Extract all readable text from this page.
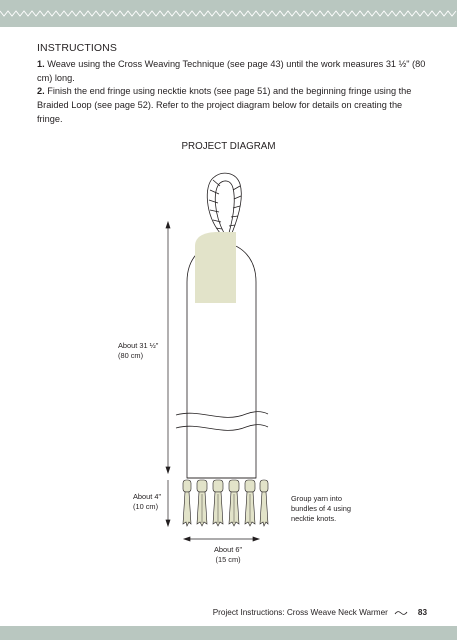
INSTRUCTIONS
1. Weave using the Cross Weaving Technique (see page 43) until the work measures 31 ½" (80 cm) long.
2. Finish the end fringe using necktie knots (see page 51) and the beginning fringe using the Braided Loop (see page 52). Refer to the project diagram below for details on creating the fringe.
PROJECT DIAGRAM
About 31 ½"
(80 cm)
About 4"
(10 cm)
About 6"
(15 cm)
Group yarn into
bundles of 4 using
necktie knots.
Project Instructions: Cross Weave Neck Warmer	83
